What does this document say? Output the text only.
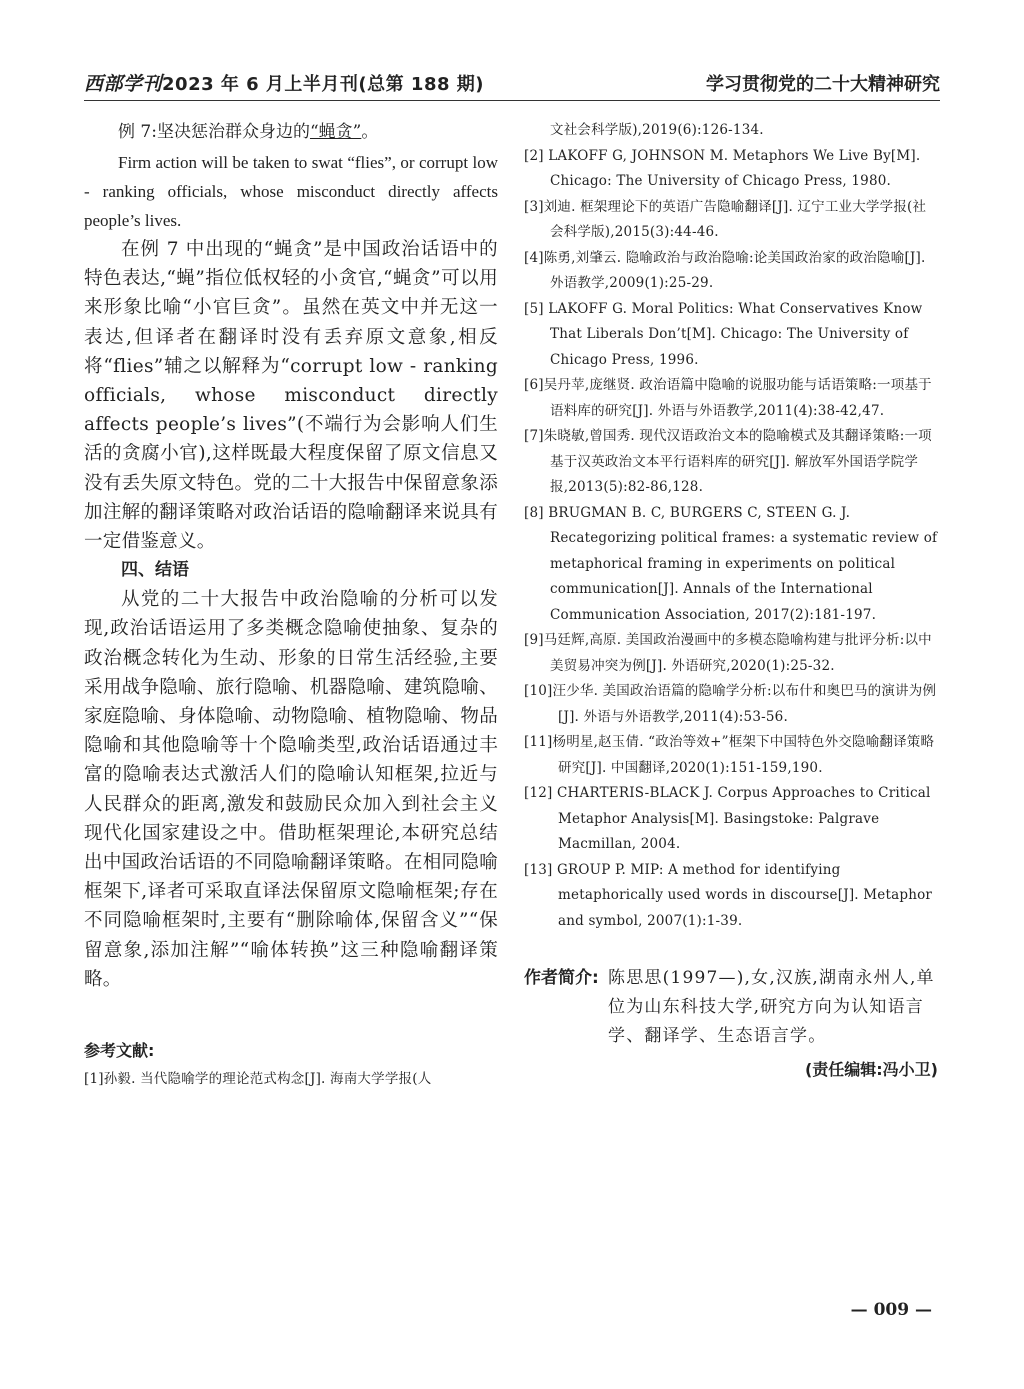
西部学刊2023 年 6 月上半月刊(总第 188 期)	学习贯彻党的二十大精神研究

例 7:坚决惩治群众身边的“蝇贪”。

Firm action will be taken to swat “flies”, or corrupt low - ranking officials, whose misconduct directly affects people’s lives.

在例 7 中出现的“蝇贪”是中国政治话语中的特色表达,“蝇”指位低权轻的小贪官,“蝇贪”可以用来形象比喻“小官巨贪”。虽然在英文中并无这一表达,但译者在翻译时没有丢弃原文意象,相反将“flies”辅之以解释为“corrupt low - ranking officials, whose misconduct directly affects people’s lives”(不端行为会影响人们生活的贪腐小官),这样既最大程度保留了原文信息又没有丢失原文特色。党的二十大报告中保留意象添加注解的翻译策略对政治话语的隐喻翻译来说具有一定借鉴意义。

四、结语

从党的二十大报告中政治隐喻的分析可以发现,政治话语运用了多类概念隐喻使抽象、复杂的政治概念转化为生动、形象的日常生活经验,主要采用战争隐喻、旅行隐喻、机器隐喻、建筑隐喻、家庭隐喻、身体隐喻、动物隐喻、植物隐喻、物品隐喻和其他隐喻等十个隐喻类型,政治话语通过丰富的隐喻表达式激活人们的隐喻认知框架,拉近与人民群众的距离,激发和鼓励民众加入到社会主义现代化国家建设之中。借助框架理论,本研究总结出中国政治话语的不同隐喻翻译策略。在相同隐喻框架下,译者可采取直译法保留原文隐喻框架;存在不同隐喻框架时,主要有“删除喻体,保留含义”“保留意象,添加注解”“喻体转换”这三种隐喻翻译策略。

参考文献:

[1]孙毅. 当代隐喻学的理论范式构念[J]. 海南大学学报(人

文社会科学版),2019(6):126-134.

[2] LAKOFF G, JOHNSON M. Metaphors We Live By[M]. Chicago: The University of Chicago Press, 1980.

[3]刘迪. 框架理论下的英语广告隐喻翻译[J]. 辽宁工业大学学报(社会科学版),2015(3):44-46.

[4]陈勇,刘肇云. 隐喻政治与政治隐喻:论美国政治家的政治隐喻[J]. 外语教学,2009(1):25-29.

[5] LAKOFF G. Moral Politics: What Conservatives Know That Liberals Don’t[M]. Chicago: The University of Chicago Press, 1996.

[6]吴丹苹,庞继贤. 政治语篇中隐喻的说服功能与话语策略:一项基于语料库的研究[J]. 外语与外语教学,2011(4):38-42,47.

[7]朱晓敏,曾国秀. 现代汉语政治文本的隐喻模式及其翻译策略:一项基于汉英政治文本平行语料库的研究[J]. 解放军外国语学院学报,2013(5):82-86,128.

[8] BRUGMAN B. C, BURGERS C, STEEN G. J. Recategorizing political frames: a systematic review of metaphorical framing in experiments on political communication[J]. Annals of the International Communication Association, 2017(2):181-197.

[9]马廷辉,高原. 美国政治漫画中的多模态隐喻构建与批评分析:以中美贸易冲突为例[J]. 外语研究,2020(1):25-32.

[10]汪少华. 美国政治语篇的隐喻学分析:以布什和奥巴马的演讲为例[J]. 外语与外语教学,2011(4):53-56.

[11]杨明星,赵玉倩. “政治等效+”框架下中国特色外交隐喻翻译策略研究[J]. 中国翻译,2020(1):151-159,190.

[12] CHARTERIS-BLACK J. Corpus Approaches to Critical Metaphor Analysis[M]. Basingstoke: Palgrave Macmillan, 2004.

[13] GROUP P. MIP: A method for identifying metaphorically used words in discourse[J]. Metaphor and symbol, 2007(1):1-39.

作者简介: 陈思思(1997—),女,汉族,湖南永州人,单位为山东科技大学,研究方向为认知语言学、翻译学、生态语言学。
(责任编辑:冯小卫)
— 009 —
